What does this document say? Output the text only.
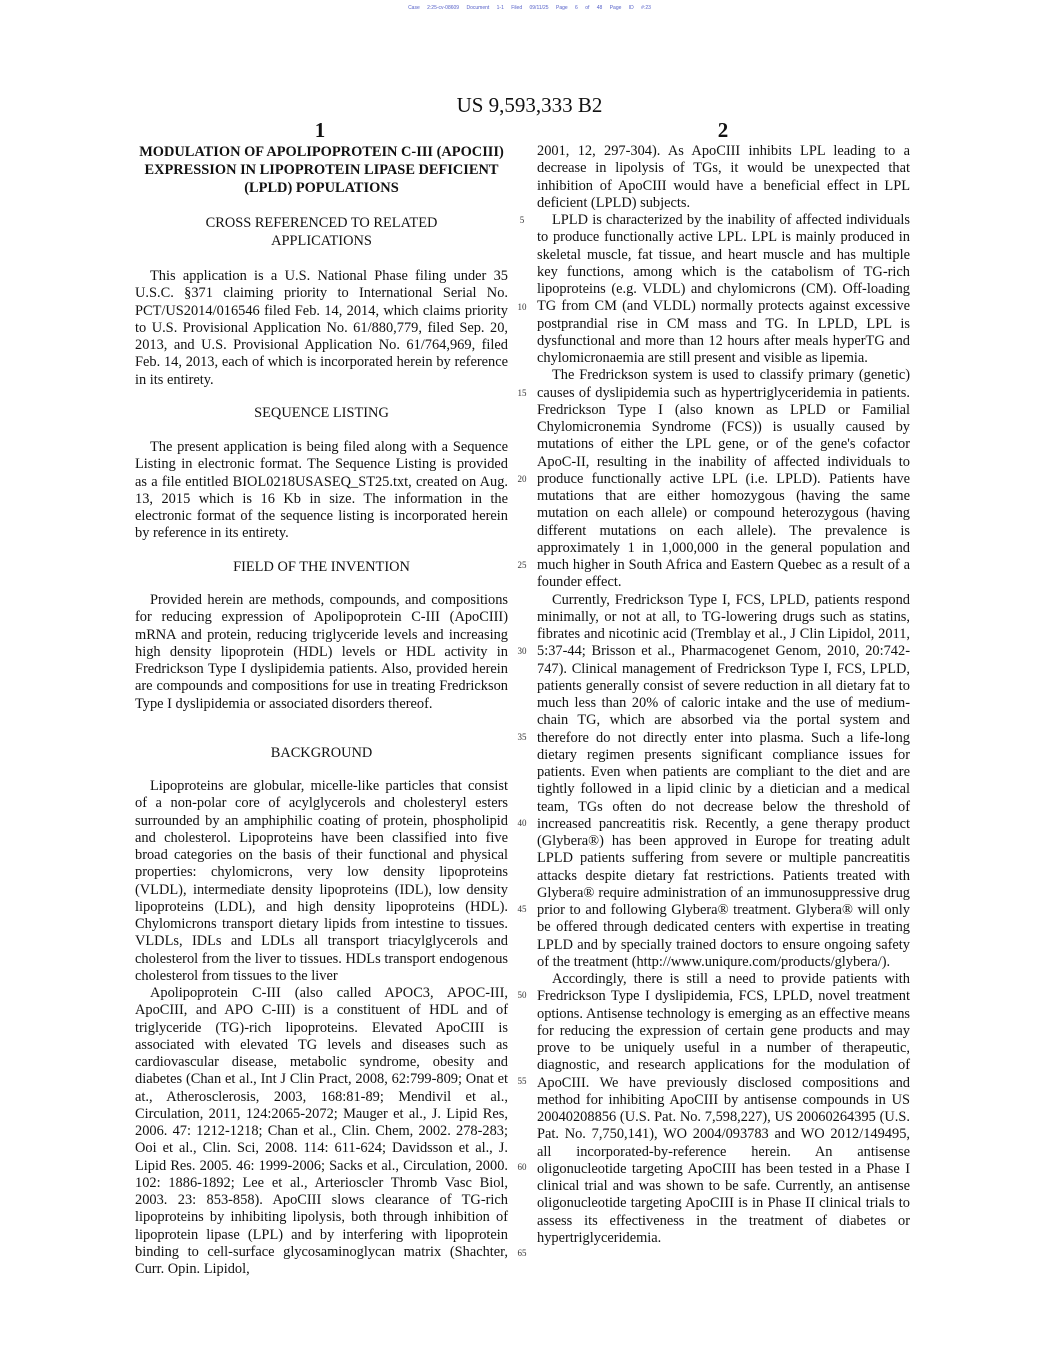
Case 2:25-cv-08609 Document 1-1 Filed 09/11/25 Page 6 of 48 Page ID #:23
US 9,593,333 B2
1	2
MODULATION OF APOLIPOPROTEIN C-III (APOCIII) EXPRESSION IN LIPOPROTEIN LIPASE DEFICIENT (LPLD) POPULATIONS
CROSS REFERENCED TO RELATED APPLICATIONS

This application is a U.S. National Phase filing under 35 U.S.C. §371 claiming priority to International Serial No. PCT/US2014/016546 filed Feb. 14, 2014, which claims priority to U.S. Provisional Application No. 61/880,779, filed Sep. 20, 2013, and U.S. Provisional Application No. 61/764,969, filed Feb. 14, 2013, each of which is incorporated herein by reference in its entirety.

SEQUENCE LISTING

The present application is being filed along with a Sequence Listing in electronic format. The Sequence Listing is provided as a file entitled BIOL0218USASEQ_ST25.txt, created on Aug. 13, 2015 which is 16 Kb in size. The information in the electronic format of the sequence listing is incorporated herein by reference in its entirety.

FIELD OF THE INVENTION

Provided herein are methods, compounds, and compositions for reducing expression of Apolipoprotein C-III (ApoCIII) mRNA and protein, reducing triglyceride levels and increasing high density lipoprotein (HDL) levels or HDL activity in Fredrickson Type I dyslipidemia patients. Also, provided herein are compounds and compositions for use in treating Fredrickson Type I dyslipidemia or associated disorders thereof.

BACKGROUND

Lipoproteins are globular, micelle-like particles that consist of a non-polar core of acylglycerols and cholesteryl esters surrounded by an amphiphilic coating of protein, phospholipid and cholesterol. Lipoproteins have been classified into five broad categories on the basis of their functional and physical properties: chylomicrons, very low density lipoproteins (VLDL), intermediate density lipoproteins (IDL), low density lipoproteins (LDL), and high density lipoproteins (HDL). Chylomicrons transport dietary lipids from intestine to tissues. VLDLs, IDLs and LDLs all transport triacylglycerols and cholesterol from the liver to tissues. HDLs transport endogenous cholesterol from tissues to the liver

Apolipoprotein C-III (also called APOC3, APOC-III, ApoCIII, and APO C-III) is a constituent of HDL and of triglyceride (TG)-rich lipoproteins. Elevated ApoCIII is associated with elevated TG levels and diseases such as cardiovascular disease, metabolic syndrome, obesity and diabetes (Chan et al., Int J Clin Pract, 2008, 62:799-809; Onat et at., Atherosclerosis, 2003, 168:81-89; Mendivil et al., Circulation, 2011, 124:2065-2072; Mauger et al., J. Lipid Res, 2006. 47: 1212-1218; Chan et al., Clin. Chem, 2002. 278-283; Ooi et al., Clin. Sci, 2008. 114: 611-624; Davidsson et al., J. Lipid Res. 2005. 46: 1999-2006; Sacks et al., Circulation, 2000. 102: 1886-1892; Lee et al., Arterioscler Thromb Vasc Biol, 2003. 23: 853-858). ApoCIII slows clearance of TG-rich lipoproteins by inhibiting lipolysis, both through inhibition of lipoprotein lipase (LPL) and by interfering with lipoprotein binding to cell-surface glycosaminoglycan matrix (Shachter, Curr. Opin. Lipidol,

2001, 12, 297-304). As ApoCIII inhibits LPL leading to a decrease in lipolysis of TGs, it would be unexpected that inhibition of ApoCIII would have a beneficial effect in LPL deficient (LPLD) subjects.

LPLD is characterized by the inability of affected individuals to produce functionally active LPL. LPL is mainly produced in skeletal muscle, fat tissue, and heart muscle and has multiple key functions, among which is the catabolism of TG-rich lipoproteins (e.g. VLDL) and chylomicrons (CM). Off-loading TG from CM (and VLDL) normally protects against excessive postprandial rise in CM mass and TG. In LPLD, LPL is dysfunctional and more than 12 hours after meals hyperTG and chylomicronaemia are still present and visible as lipemia.

The Fredrickson system is used to classify primary (genetic) causes of dyslipidemia such as hypertriglyceridemia in patients. Fredrickson Type I (also known as LPLD or Familial Chylomicronemia Syndrome (FCS)) is usually caused by mutations of either the LPL gene, or of the gene's cofactor ApoC-II, resulting in the inability of affected individuals to produce functionally active LPL (i.e. LPLD). Patients have mutations that are either homozygous (having the same mutation on each allele) or compound heterozygous (having different mutations on each allele). The prevalence is approximately 1 in 1,000,000 in the general population and much higher in South Africa and Eastern Quebec as a result of a founder effect.

Currently, Fredrickson Type I, FCS, LPLD, patients respond minimally, or not at all, to TG-lowering drugs such as statins, fibrates and nicotinic acid (Tremblay et al., J Clin Lipidol, 2011, 5:37-44; Brisson et al., Pharmacogenet Genom, 2010, 20:742-747). Clinical management of Fredrickson Type I, FCS, LPLD, patients generally consist of severe reduction in all dietary fat to much less than 20% of caloric intake and the use of medium-chain TG, which are absorbed via the portal system and therefore do not directly enter into plasma. Such a life-long dietary regimen presents significant compliance issues for patients. Even when patients are compliant to the diet and are tightly followed in a lipid clinic by a dietician and a medical team, TGs often do not decrease below the threshold of increased pancreatitis risk. Recently, a gene therapy product (Glybera®) has been approved in Europe for treating adult LPLD patients suffering from severe or multiple pancreatitis attacks despite dietary fat restrictions. Patients treated with Glybera® require administration of an immunosuppressive drug prior to and following Glybera® treatment. Glybera® will only be offered through dedicated centers with expertise in treating LPLD and by specially trained doctors to ensure ongoing safety of the treatment (http://www.uniqure.com/products/glybera/).

Accordingly, there is still a need to provide patients with Fredrickson Type I dyslipidemia, FCS, LPLD, novel treatment options. Antisense technology is emerging as an effective means for reducing the expression of certain gene products and may prove to be uniquely useful in a number of therapeutic, diagnostic, and research applications for the modulation of ApoCIII. We have previously disclosed compositions and method for inhibiting ApoCIII by antisense compounds in US 20040208856 (U.S. Pat. No. 7,598,227), US 20060264395 (U.S. Pat. No. 7,750,141), WO 2004/093783 and WO 2012/149495, all incorporated-by-reference herein. An antisense oligonucleotide targeting ApoCIII has been tested in a Phase I clinical trial and was shown to be safe. Currently, an antisense oligonucleotide targeting ApoCIII is in Phase II clinical trials to assess its effectiveness in the treatment of diabetes or hypertriglyceridemia.

5
10
15
20
25
30
35
40
45
50
55
60
65
